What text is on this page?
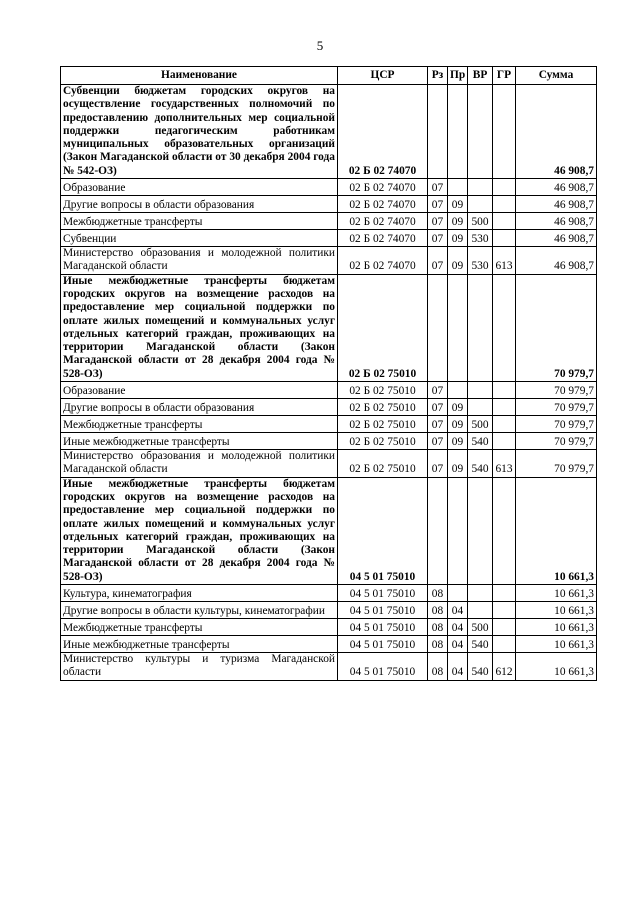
5
Наименование	ЦСР	Рз	Пр	ВР	ГР	Сумма
Субвенции бюджетам городских округов на осуществление государственных полномочий по предоставлению дополнительных мер социальной поддержки педагогическим работникам муниципальных образовательных организаций (Закон Магаданской области от 30 декабря 2004 года № 542-ОЗ)	02 Б 02 74070					46 908,7
Образование	02 Б 02 74070	07				46 908,7
Другие вопросы в области образования	02 Б 02 74070	07	09			46 908,7
Межбюджетные трансферты	02 Б 02 74070	07	09	500		46 908,7
Субвенции	02 Б 02 74070	07	09	530		46 908,7
Министерство образования и молодежной политики Магаданской области	02 Б 02 74070	07	09	530	613	46 908,7
Иные межбюджетные трансферты бюджетам городских округов на возмещение расходов на предоставление мер социальной поддержки по оплате жилых помещений и коммунальных услуг отдельных категорий граждан, проживающих на территории Магаданской области (Закон Магаданской области от 28 декабря 2004 года № 528-ОЗ)	02 Б 02 75010					70 979,7
Образование	02 Б 02 75010	07				70 979,7
Другие вопросы в области образования	02 Б 02 75010	07	09			70 979,7
Межбюджетные трансферты	02 Б 02 75010	07	09	500		70 979,7
Иные межбюджетные трансферты	02 Б 02 75010	07	09	540		70 979,7
Министерство образования и молодежной политики Магаданской области	02 Б 02 75010	07	09	540	613	70 979,7
Иные межбюджетные трансферты бюджетам городских округов на возмещение расходов на предоставление мер социальной поддержки по оплате жилых помещений и коммунальных услуг отдельных категорий граждан, проживающих на территории Магаданской области (Закон Магаданской области от 28 декабря 2004 года № 528-ОЗ)	04 5 01 75010					10 661,3
Культура, кинематография	04 5 01 75010	08				10 661,3
Другие вопросы в области культуры, кинематографии	04 5 01 75010	08	04			10 661,3
Межбюджетные трансферты	04 5 01 75010	08	04	500		10 661,3
Иные межбюджетные трансферты	04 5 01 75010	08	04	540		10 661,3
Министерство культуры и туризма Магаданской области	04 5 01 75010	08	04	540	612	10 661,3
